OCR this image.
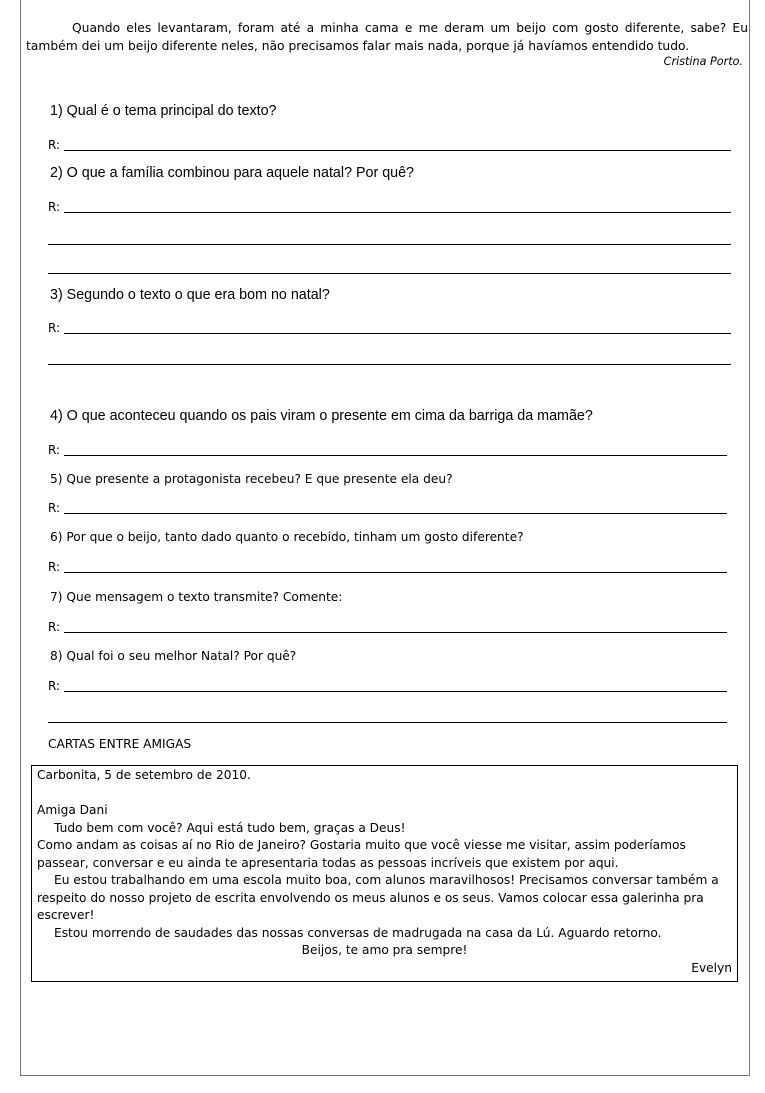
Quando eles levantaram, foram até a minha cama e me deram um beijo com gosto diferente, sabe? Eu também dei um beijo diferente neles, não precisamos falar mais nada, porque já havíamos entendido tudo.

Cristina Porto.
1) Qual é o tema principal do texto?
R:
2) O que a família combinou para aquele natal? Por quê?
R:
3) Segundo o texto o que era bom no natal?
R:
4) O que aconteceu quando os pais viram o presente em cima da barriga da mamãe?
R:
5) Que presente a protagonista recebeu? E que presente ela deu?
R:
6) Por que o beijo, tanto dado quanto o recebido, tinham um gosto diferente?
R:
7) Que mensagem o texto transmite? Comente:
R:
8) Qual foi o seu melhor Natal? Por quê?
R:
CARTAS ENTRE AMIGAS

Carbonita, 5 de setembro de 2010.

Amiga Dani

Tudo bem com você? Aqui está tudo bem, graças a Deus!

Como andam as coisas aí no Rio de Janeiro? Gostaria muito que você viesse me visitar, assim poderíamos passear, conversar e eu ainda te apresentaria todas as pessoas incríveis que existem por aqui.

Eu estou trabalhando em uma escola muito boa, com alunos maravilhosos! Precisamos conversar também a respeito do nosso projeto de escrita envolvendo os meus alunos e os seus. Vamos colocar essa galerinha pra escrever!

Estou morrendo de saudades das nossas conversas de madrugada na casa da Lú. Aguardo retorno.

Beijos, te amo pra sempre!

Evelyn
